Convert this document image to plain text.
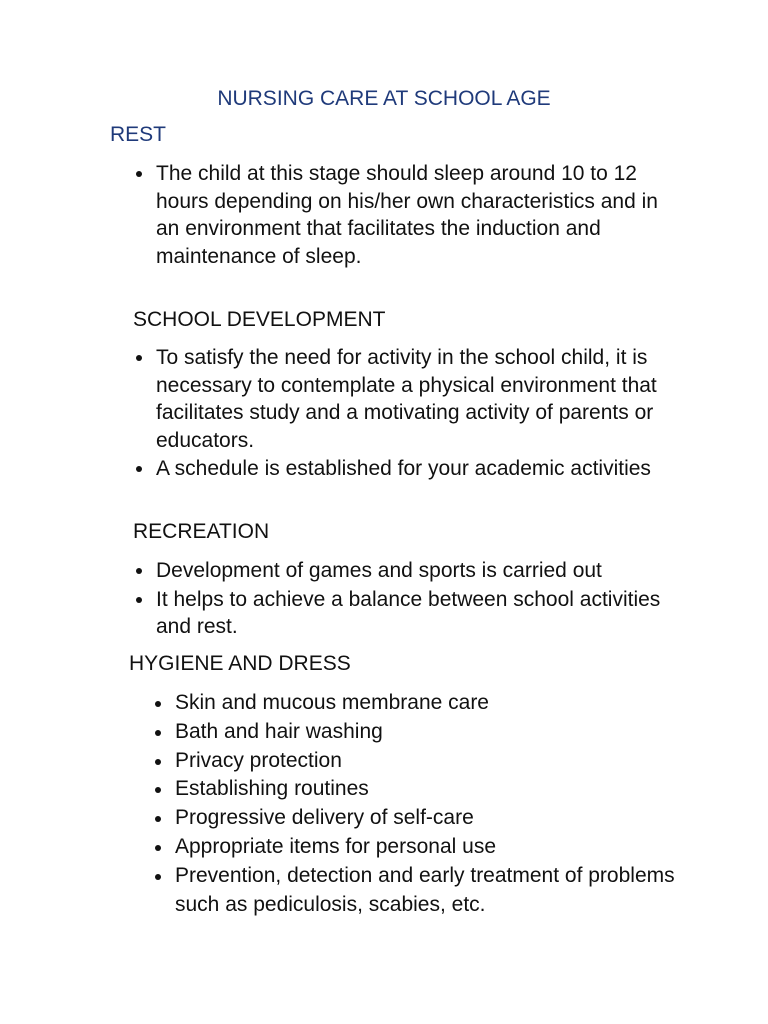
NURSING CARE AT SCHOOL AGE
REST
The child at this stage should sleep around 10 to 12 hours depending on his/her own characteristics and in an environment that facilitates the induction and maintenance of sleep.
SCHOOL DEVELOPMENT
To satisfy the need for activity in the school child, it is necessary to contemplate a physical environment that facilitates study and a motivating activity of parents or educators.
A schedule is established for your academic activities
RECREATION
Development of games and sports is carried out
It helps to achieve a balance between school activities and rest.
HYGIENE AND DRESS
Skin and mucous membrane care
Bath and hair washing
Privacy protection
Establishing routines
Progressive delivery of self-care
Appropriate items for personal use
Prevention, detection and early treatment of problems such as pediculosis, scabies, etc.
